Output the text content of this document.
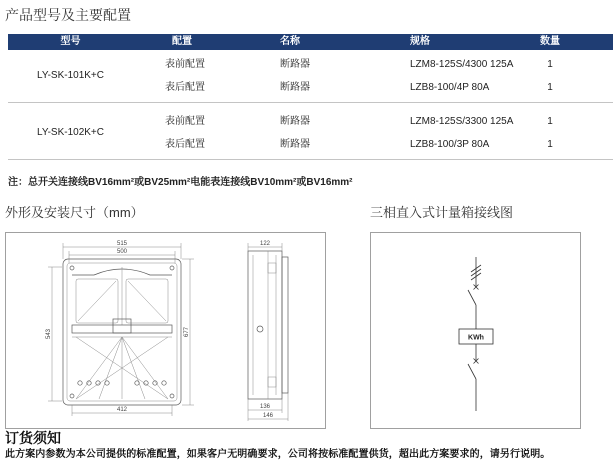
产品型号及主要配置
型号	配置	名称	规格	数量
LY-SK-101K+C
表前配置	断路器	LZM8-125S/4300 125A	1
表后配置	断路器	LZB8-100/4P 80A	1
LY-SK-102K+C
表前配置	断路器	LZM8-125S/3300 125A	1
表后配置	断路器	LZB8-100/3P 80A	1
注：总开关连接线BV16mm²或BV25mm²电能表连接线BV10mm²或BV16mm²
外形及安装尺寸（mm）	三相直入式计量箱接线图
515
500
543	677
412
122
136
146
KWh
订货须知
此方案内参数为本公司提供的标准配置，如果客户无明确要求，公司将按标准配置供货，超出此方案要求的，请另行说明。
